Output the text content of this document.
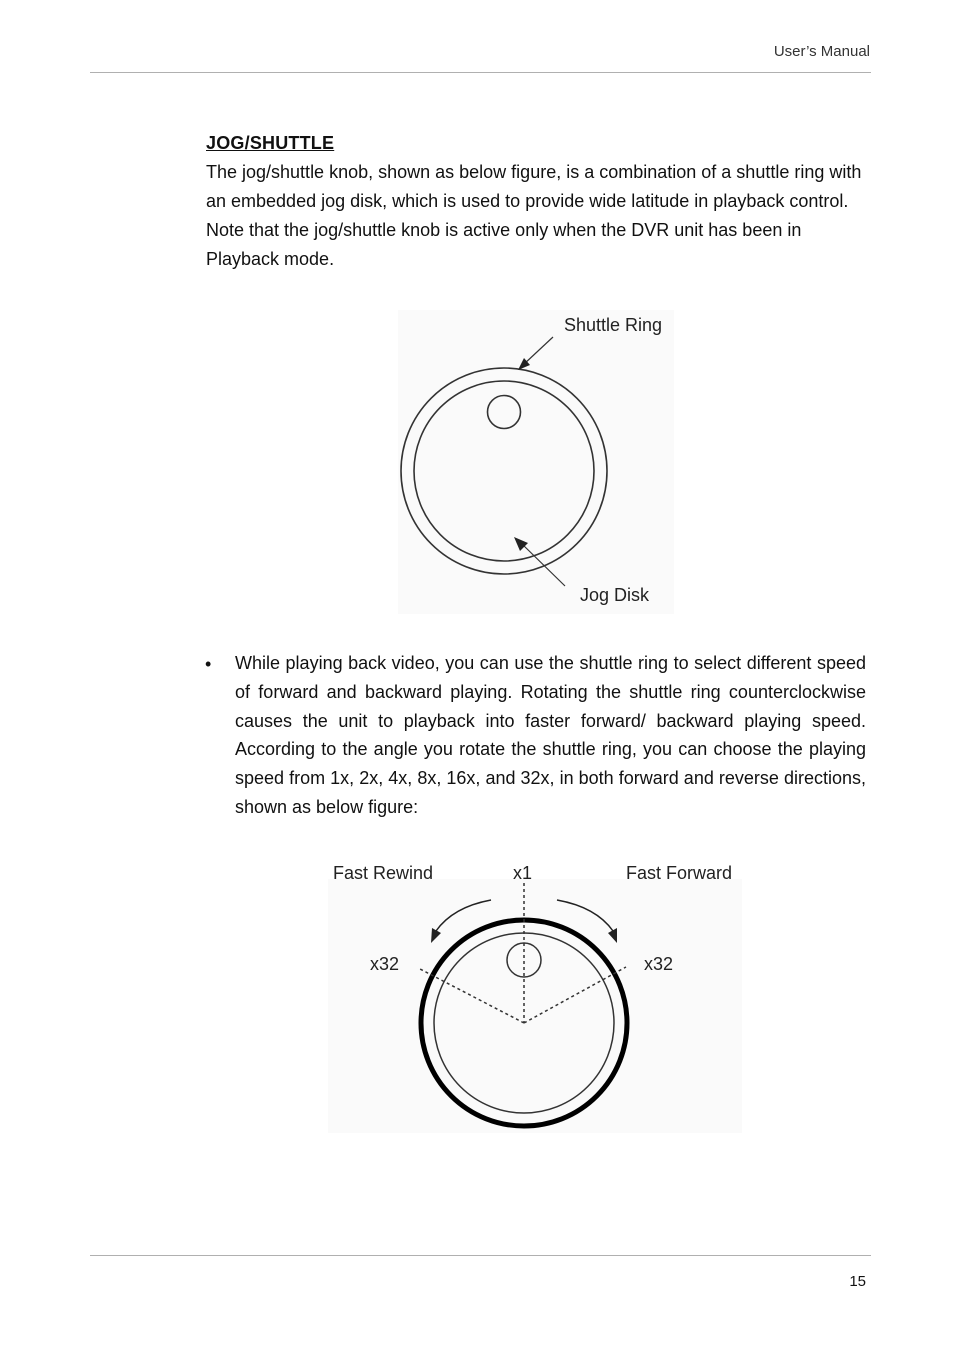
User’s Manual
JOG/SHUTTLE

The jog/shuttle knob, shown as below figure, is a combination of a shuttle ring with an embedded jog disk, which is used to provide wide latitude in playback control. Note that the jog/shuttle knob is active only when the DVR unit has been in Playback mode.

Shuttle Ring
Jog Disk
• While playing back video, you can use the shuttle ring to select different speed of forward and backward playing. Rotating the shuttle ring counterclockwise causes the unit to playback into faster forward/ backward playing speed. According to the angle you rotate the shuttle ring, you can choose the playing speed from 1x, 2x, 4x, 8x, 16x, and 32x, in both forward and reverse directions, shown as below figure:

Fast Rewind	x1	Fast Forward
x32	x32
15
